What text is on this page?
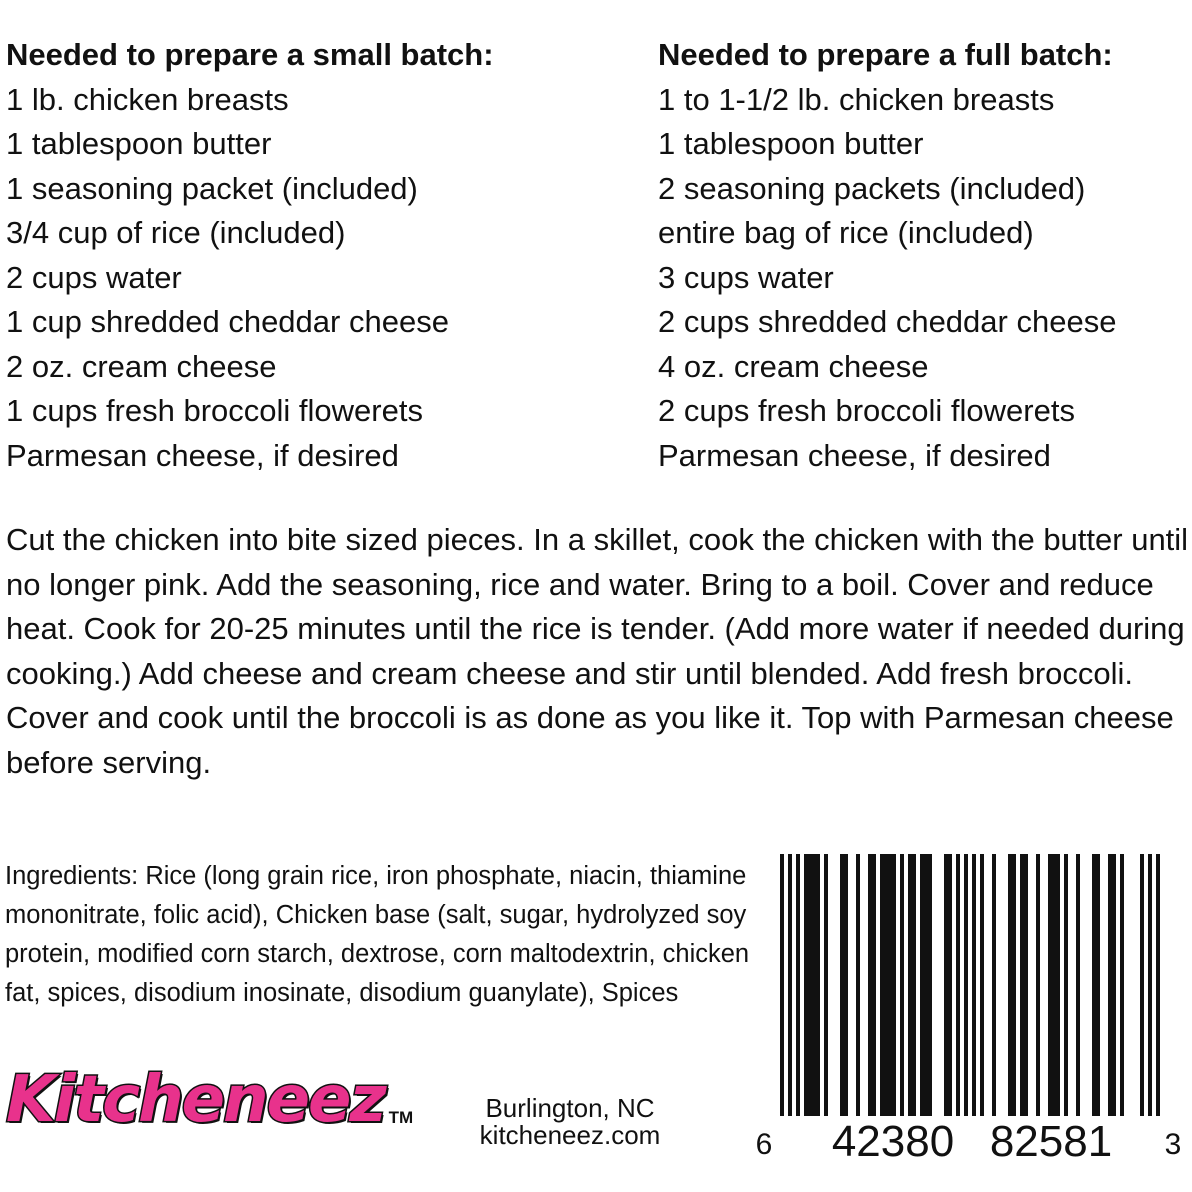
Needed to prepare a small batch:
1 lb. chicken breasts
1 tablespoon butter
1 seasoning packet (included)
3/4 cup of rice (included)
2 cups water
1 cup shredded cheddar cheese
2 oz. cream cheese
1 cups fresh broccoli flowerets
Parmesan cheese, if desired
Needed to prepare a full batch:
1 to 1-1/2 lb. chicken breasts
1 tablespoon butter
2 seasoning packets (included)
entire bag of rice (included)
3 cups water
2 cups shredded cheddar cheese
4 oz. cream cheese
2 cups fresh broccoli flowerets
Parmesan cheese, if desired

Cut the chicken into bite sized pieces. In a skillet, cook the chicken with the butter until no longer pink. Add the seasoning, rice and water. Bring to a boil. Cover and reduce heat. Cook for 20-25 minutes until the rice is tender. (Add more water if needed during cooking.) Add cheese and cream cheese and stir until blended. Add fresh broccoli. Cover and cook until the broccoli is as done as you like it. Top with Parmesan cheese before serving.

Ingredients: Rice (long grain rice, iron phosphate, niacin, thiamine mononitrate, folic acid), Chicken base (salt, sugar, hydrolyzed soy protein, modified corn starch, dextrose, corn maltodextrin, chicken fat, spices, disodium inosinate, disodium guanylate), Spices

Kitcheneez TM	Burlington, NC
kitcheneez.com	6 42380 82581 3
